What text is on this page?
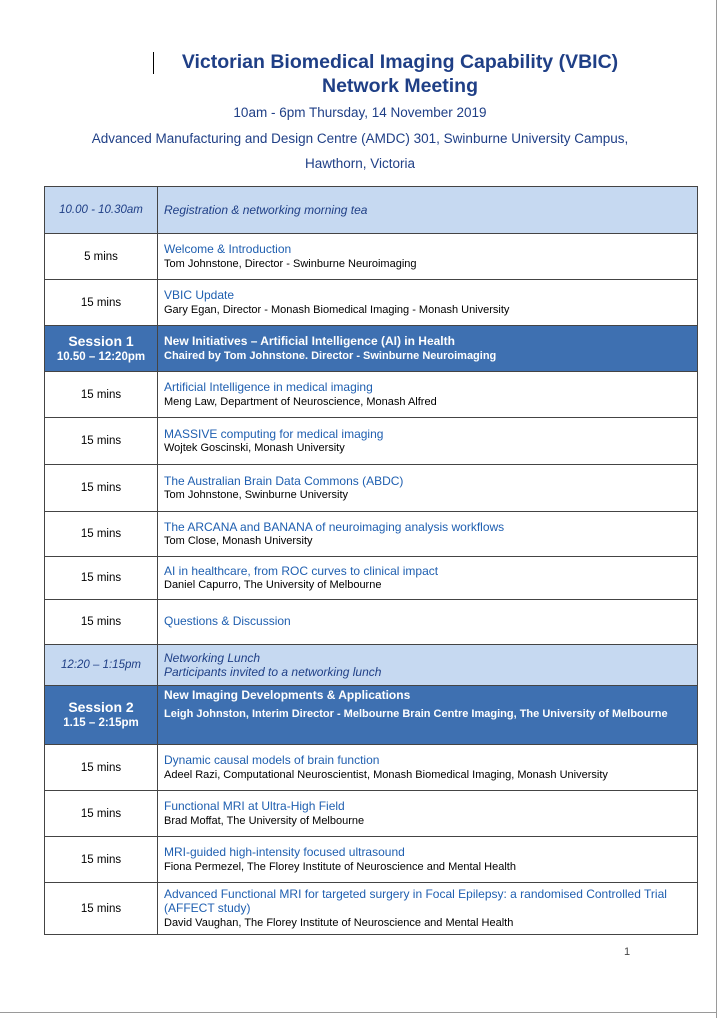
Victorian Biomedical Imaging Capability (VBIC)
Network Meeting
10am - 6pm Thursday, 14 November 2019
Advanced Manufacturing and Design Centre (AMDC) 301, Swinburne University Campus,
Hawthorn, Victoria
10.00 - 10.30am	Registration & networking morning tea
5 mins	Welcome & Introduction
Tom Johnstone, Director - Swinburne Neuroimaging

15 mins	VBIC Update
Gary Egan, Director - Monash Biomedical Imaging - Monash University

Session 1
10.50 – 12:20pm	New Initiatives – Artificial Intelligence (AI) in Health
Chaired by Tom Johnstone. Director - Swinburne Neuroimaging

15 mins	Artificial Intelligence in medical imaging
Meng Law, Department of Neuroscience, Monash Alfred

15 mins	MASSIVE computing for medical imaging
Wojtek Goscinski, Monash University

15 mins	The Australian Brain Data Commons (ABDC)
Tom Johnstone, Swinburne University

15 mins	The ARCANA and BANANA of neuroimaging analysis workflows
Tom Close, Monash University

15 mins	AI in healthcare, from ROC curves to clinical impact
Daniel Capurro, The University of Melbourne

15 mins	Questions & Discussion
12:20 – 1:15pm	Networking Lunch
Participants invited to a networking lunch

Session 2
1.15 – 2:15pm	New Imaging Developments & Applications
Leigh Johnston, Interim Director - Melbourne Brain Centre Imaging, The University of Melbourne

15 mins	Dynamic causal models of brain function
Adeel Razi, Computational Neuroscientist, Monash Biomedical Imaging, Monash University

15 mins	Functional MRI at Ultra-High Field
Brad Moffat, The University of Melbourne

15 mins	MRI-guided high-intensity focused ultrasound
Fiona Permezel, The Florey Institute of Neuroscience and Mental Health

15 mins	Advanced Functional MRI for targeted surgery in Focal Epilepsy: a randomised Controlled Trial (AFFECT study)
David Vaughan, The Florey Institute of Neuroscience and Mental Health
1
